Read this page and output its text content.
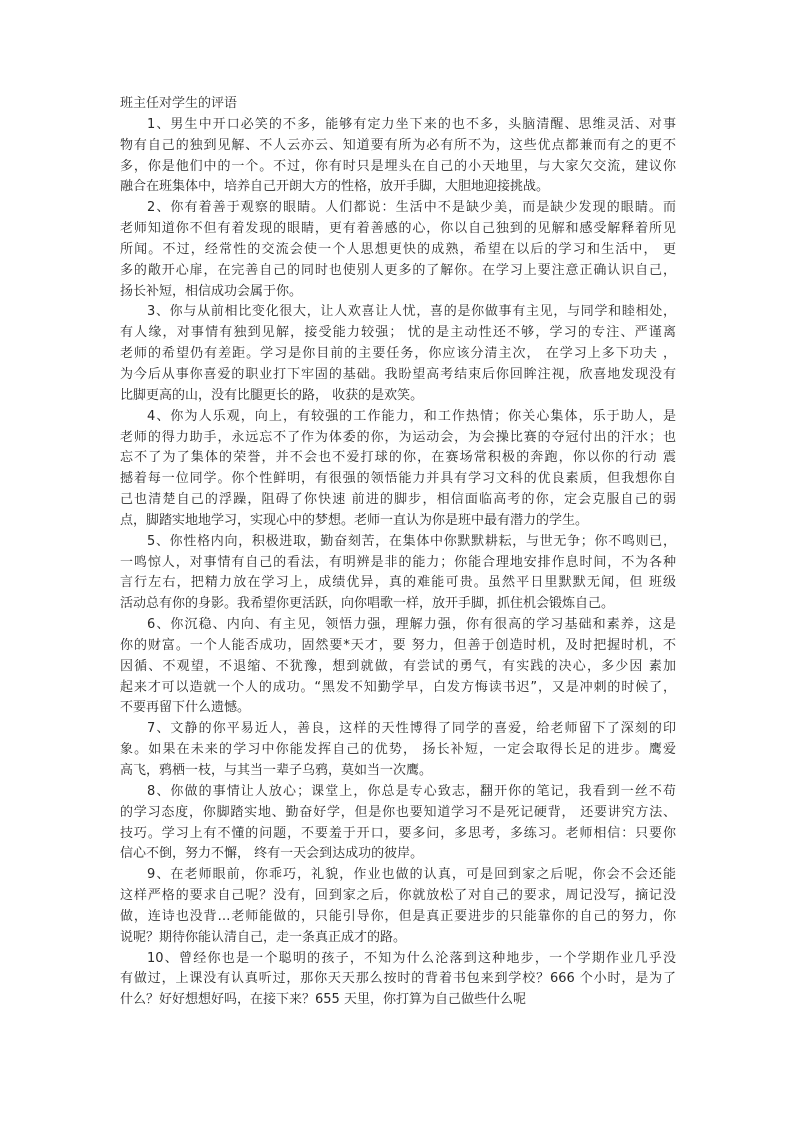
班主任对学生的评语
1、男生中开口必笑的不多，能够有定力坐下来的也不多，头脑清醒、思维灵活、对事
物有自己的独到见解、不人云亦云、知道要有所为必有所不为，这些优点都兼而有之的更不
多，你是他们中的一个。不过，你有时只是埋头在自己的小天地里，与大家欠交流，建议你
融合在班集体中，培养自己开朗大方的性格，放开手脚，大胆地迎接挑战。
2、你有着善于观察的眼睛。人们都说：生活中不是缺少美，而是缺少发现的眼睛。而
老师知道你不但有着发现的眼睛，更有着善感的心，你以自己独到的见解和感受解释着所见
所闻。不过，经常性的交流会使一个人思想更快的成熟，希望在以后的学习和生活中， 更
多的敞开心扉，在完善自己的同时也使别人更多的了解你。在学习上要注意正确认识自己，
扬长补短，相信成功会属于你。
3、你与从前相比变化很大，让人欢喜让人忧，喜的是你做事有主见，与同学和睦相处，
有人缘，对事情有独到见解，接受能力较强； 忧的是主动性还不够，学习的专注、严谨离
老师的希望仍有差距。学习是你目前的主要任务，你应该分清主次， 在学习上多下功夫 ，
为今后从事你喜爱的职业打下牢固的基础。我盼望高考结束后你回眸注视，欣喜地发现没有
比脚更高的山，没有比腿更长的路， 收获的是欢笑。
4、你为人乐观，向上，有较强的工作能力，和工作热情；你关心集体，乐于助人，是
老师的得力助手，永远忘不了作为体委的你，为运动会，为会操比赛的夺冠付出的汗水；也
忘不了为了集体的荣誉，并不会也不爱打球的你，在赛场常积极的奔跑，你以你的行动 震
撼着每一位同学。你个性鲜明，有很强的领悟能力并具有学习文科的优良素质，但我想你自
己也清楚自己的浮躁，阻碍了你快速 前进的脚步，相信面临高考的你，定会克服自己的弱
点，脚踏实地地学习，实现心中的梦想。老师一直认为你是班中最有潜力的学生。
5、你性格内向，积极进取，勤奋刻苦，在集体中你默默耕耘，与世无争；你不鸣则已，
一鸣惊人，对事情有自己的看法，有明辨是非的能力；你能合理地安排作息时间，不为各种
言行左右，把精力放在学习上，成绩优异，真的难能可贵。虽然平日里默默无闻，但 班级
活动总有你的身影。我希望你更活跃，向你唱歌一样，放开手脚，抓住机会锻炼自己。
6、你沉稳、内向、有主见，领悟力强，理解力强，你有很高的学习基础和素养，这是
你的财富。一个人能否成功，固然要*天才，要 努力，但善于创造时机，及时把握时机，不
因循、不观望，不退缩、不犹豫，想到就做，有尝试的勇气，有实践的决心，多少因 素加
起来才可以造就一个人的成功。“黑发不知勤学早，白发方悔读书迟”，又是冲刺的时候了，
不要再留下什么遗憾。
7、文静的你平易近人，善良，这样的天性博得了同学的喜爱，给老师留下了深刻的印
象。如果在未来的学习中你能发挥自己的优势， 扬长补短，一定会取得长足的进步。鹰爱
高飞，鸦栖一枝，与其当一辈子乌鸦，莫如当一次鹰。
8、你做的事情让人放心；课堂上，你总是专心致志，翻开你的笔记，我看到一丝不苟
的学习态度，你脚踏实地、勤奋好学，但是你也要知道学习不是死记硬背， 还要讲究方法、
技巧。学习上有不懂的问题，不要羞于开口，要多问，多思考，多练习。老师相信：只要你
信心不倒，努力不懈， 终有一天会到达成功的彼岸。
9、在老师眼前，你乖巧，礼貌，作业也做的认真，可是回到家之后呢，你会不会还能
这样严格的要求自己呢？没有，回到家之后，你就放松了对自己的要求，周记没写，摘记没
做，连诗也没背…老师能做的，只能引导你，但是真正要进步的只能靠你的自己的努力，你
说呢？期待你能认清自己，走一条真正成才的路。
10、曾经你也是一个聪明的孩子，不知为什么沦落到这种地步，一个学期作业几乎没
有做过，上课没有认真听过，那你天天那么按时的背着书包来到学校？666 个小时，是为了
什么？好好想想好吗，在接下来？655 天里，你打算为自己做些什么呢
